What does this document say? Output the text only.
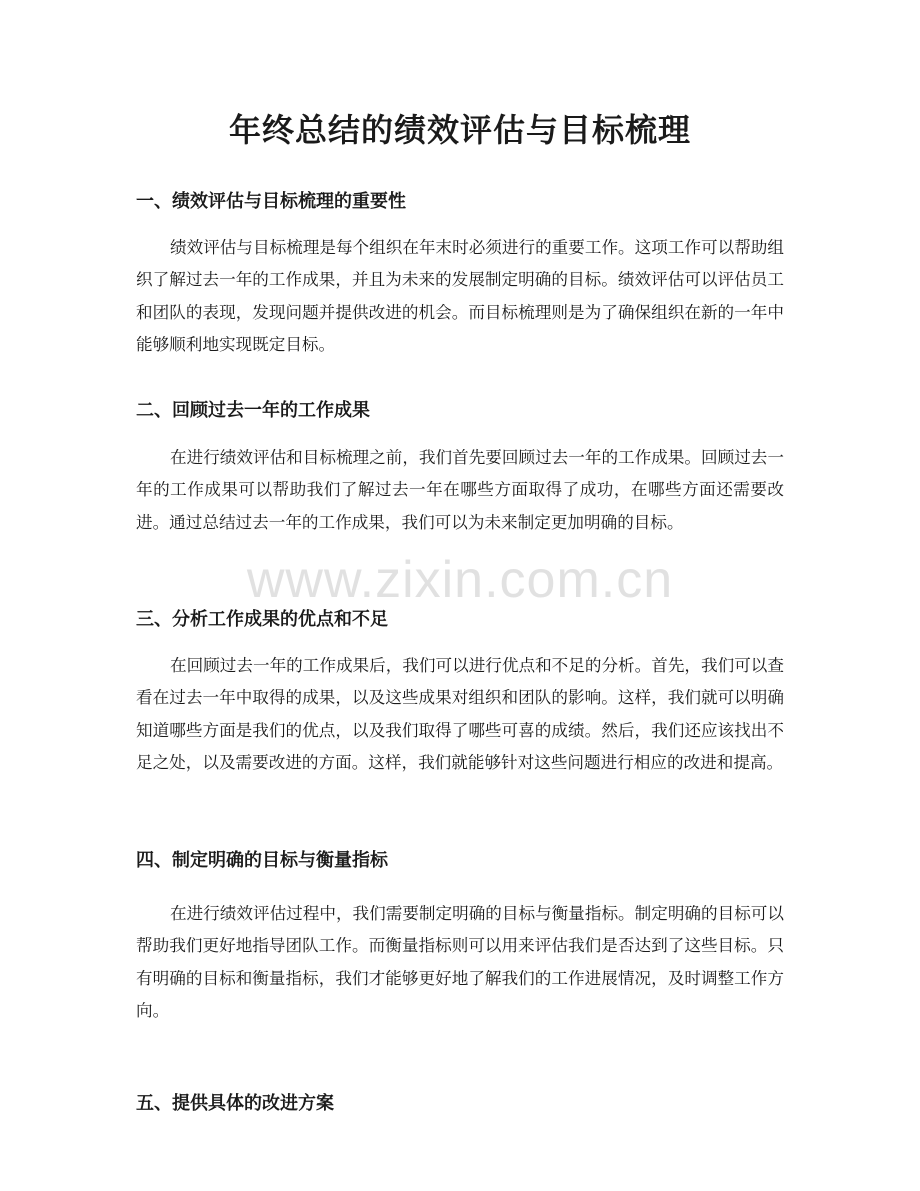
年终总结的绩效评估与目标梳理
一、绩效评估与目标梳理的重要性

绩效评估与目标梳理是每个组织在年末时必须进行的重要工作。这项工作可以帮助组织了解过去一年的工作成果，并且为未来的发展制定明确的目标。绩效评估可以评估员工和团队的表现，发现问题并提供改进的机会。而目标梳理则是为了确保组织在新的一年中能够顺利地实现既定目标。

二、回顾过去一年的工作成果

在进行绩效评估和目标梳理之前，我们首先要回顾过去一年的工作成果。回顾过去一年的工作成果可以帮助我们了解过去一年在哪些方面取得了成功，在哪些方面还需要改进。通过总结过去一年的工作成果，我们可以为未来制定更加明确的目标。

三、分析工作成果的优点和不足

在回顾过去一年的工作成果后，我们可以进行优点和不足的分析。首先，我们可以查看在过去一年中取得的成果，以及这些成果对组织和团队的影响。这样，我们就可以明确知道哪些方面是我们的优点，以及我们取得了哪些可喜的成绩。然后，我们还应该找出不足之处，以及需要改进的方面。这样，我们就能够针对这些问题进行相应的改进和提高。

四、制定明确的目标与衡量指标

在进行绩效评估过程中，我们需要制定明确的目标与衡量指标。制定明确的目标可以帮助我们更好地指导团队工作。而衡量指标则可以用来评估我们是否达到了这些目标。只有明确的目标和衡量指标，我们才能够更好地了解我们的工作进展情况，及时调整工作方向。

五、提供具体的改进方案
www.zixin.com.cn
